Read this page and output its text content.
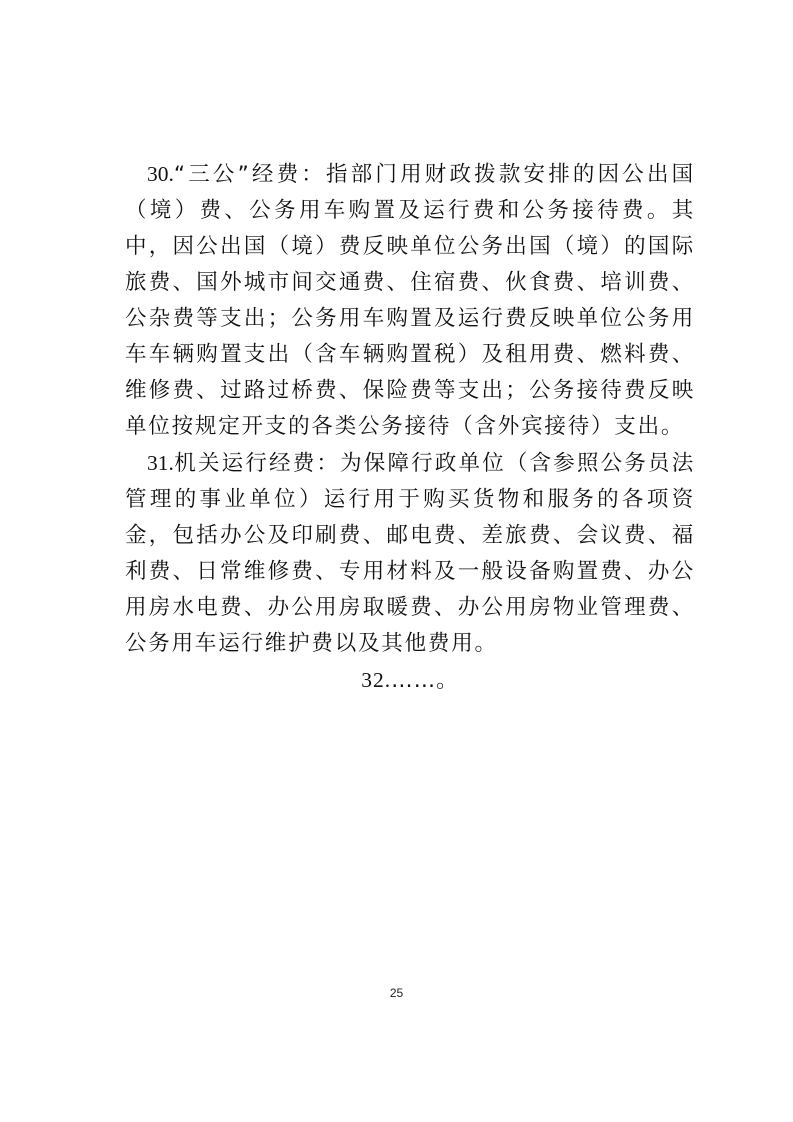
30.“三公”经费：指部门用财政拨款安排的因公出国（境）费、公务用车购置及运行费和公务接待费。其中，因公出国（境）费反映单位公务出国（境）的国际旅费、国外城市间交通费、住宿费、伙食费、培训费、公杂费等支出；公务用车购置及运行费反映单位公务用车车辆购置支出（含车辆购置税）及租用费、燃料费、维修费、过路过桥费、保险费等支出；公务接待费反映单位按规定开支的各类公务接待（含外宾接待）支出。

31.机关运行经费：为保障行政单位（含参照公务员法管理的事业单位）运行用于购买货物和服务的各项资金，包括办公及印刷费、邮电费、差旅费、会议费、福利费、日常维修费、专用材料及一般设备购置费、办公用房水电费、办公用房取暖费、办公用房物业管理费、公务用车运行维护费以及其他费用。

32.……。

25
